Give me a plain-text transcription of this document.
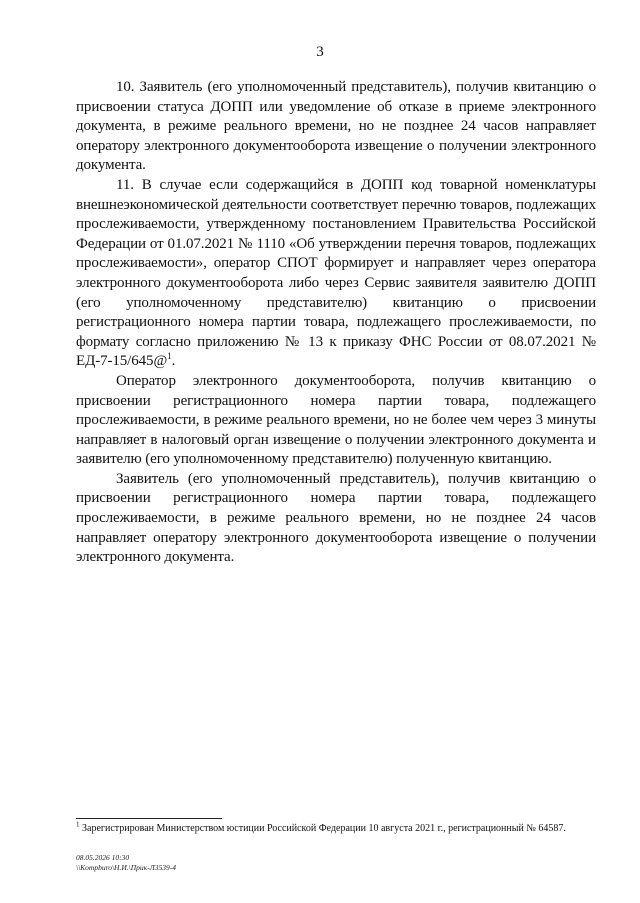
3

10. Заявитель (его уполномоченный представитель), получив квитанцию о присвоении статуса ДОПП или уведомление об отказе в приеме электронного документа, в режиме реального времени, но не позднее 24 часов направляет оператору электронного документооборота извещение о получении электронного документа.

11. В случае если содержащийся в ДОПП код товарной номенклатуры внешнеэкономической деятельности соответствует перечню товаров, подлежащих прослеживаемости, утвержденному постановлением Правительства Российской Федерации от 01.07.2021 № 1110 «Об утверждении перечня товаров, подлежащих прослеживаемости», оператор СПОТ формирует и направляет через оператора электронного документооборота либо через Сервис заявителя заявителю ДОПП (его уполномоченному представителю) квитанцию о присвоении регистрационного номера партии товара, подлежащего прослеживаемости, по формату согласно приложению № 13 к приказу ФНС России от 08.07.2021 № ЕД-7-15/645@$^1$.

Оператор электронного документооборота, получив квитанцию о присвоении регистрационного номера партии товара, подлежащего прослеживаемости, в режиме реального времени, но не более чем через 3 минуты направляет в налоговый орган извещение о получении электронного документа и заявителю (его уполномоченному представителю) полученную квитанцию.

Заявитель (его уполномоченный представитель), получив квитанцию о присвоении регистрационного номера партии товара, подлежащего прослеживаемости, в режиме реального времени, но не позднее 24 часов направляет оператору электронного документооборота извещение о получении электронного документа.

$^1$ Зарегистрирован Министерством юстиции Российской Федерации 10 августа 2021 г., регистрационный № 64587.
08.05.2026 10:30
\\Kompburo\Н.И.\Прик-Л3539-4
